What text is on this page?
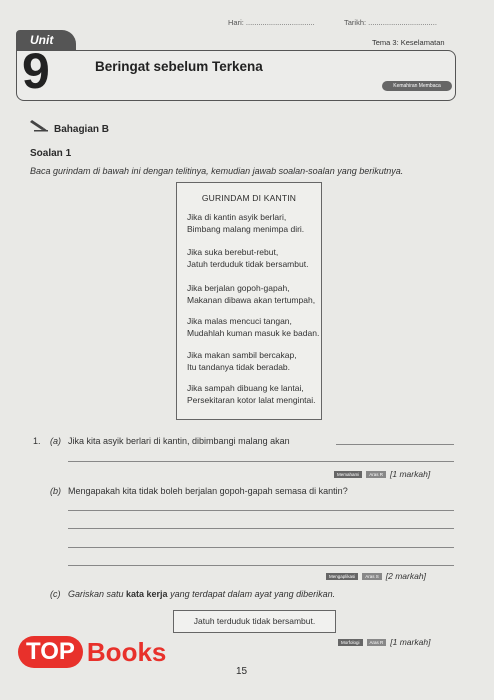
Hari: .................................	Tarikh: .................................
Tema 3: Keselamatan
Unit
9	Beringat sebelum Terkena
Kemahiran Membaca
Bahagian B
Soalan 1
Baca gurindam di bawah ini dengan telitinya, kemudian jawab soalan-soalan yang berikutnya.
GURINDAM DI KANTIN
Jika di kantin asyik berlari,
Bimbang malang menimpa diri.
Jika suka berebut-rebut,
Jatuh terduduk tidak bersambut.
Jika berjalan gopoh-gapah,
Makanan dibawa akan tertumpah,
Jika malas mencuci tangan,
Mudahlah kuman masuk ke badan.
Jika makan sambil bercakap,
Itu tandanya tidak beradab.
Jika sampah dibuang ke lantai,
Persekitaran kotor lalat mengintai.
1. (a) Jika kita asyik berlari di kantin, dibimbangi malang akan
Memahami	Aras R [1 markah]
(b) Mengapakah kita tidak boleh berjalan gopoh-gapah semasa di kantin?
Mengaplikasi	Aras S [2 markah]
(c) Gariskan satu kata kerja yang terdapat dalam ayat yang diberikan.
Jatuh terduduk tidak bersambut.
Morfologi	Aras R [1 markah]
15
TOP Books
